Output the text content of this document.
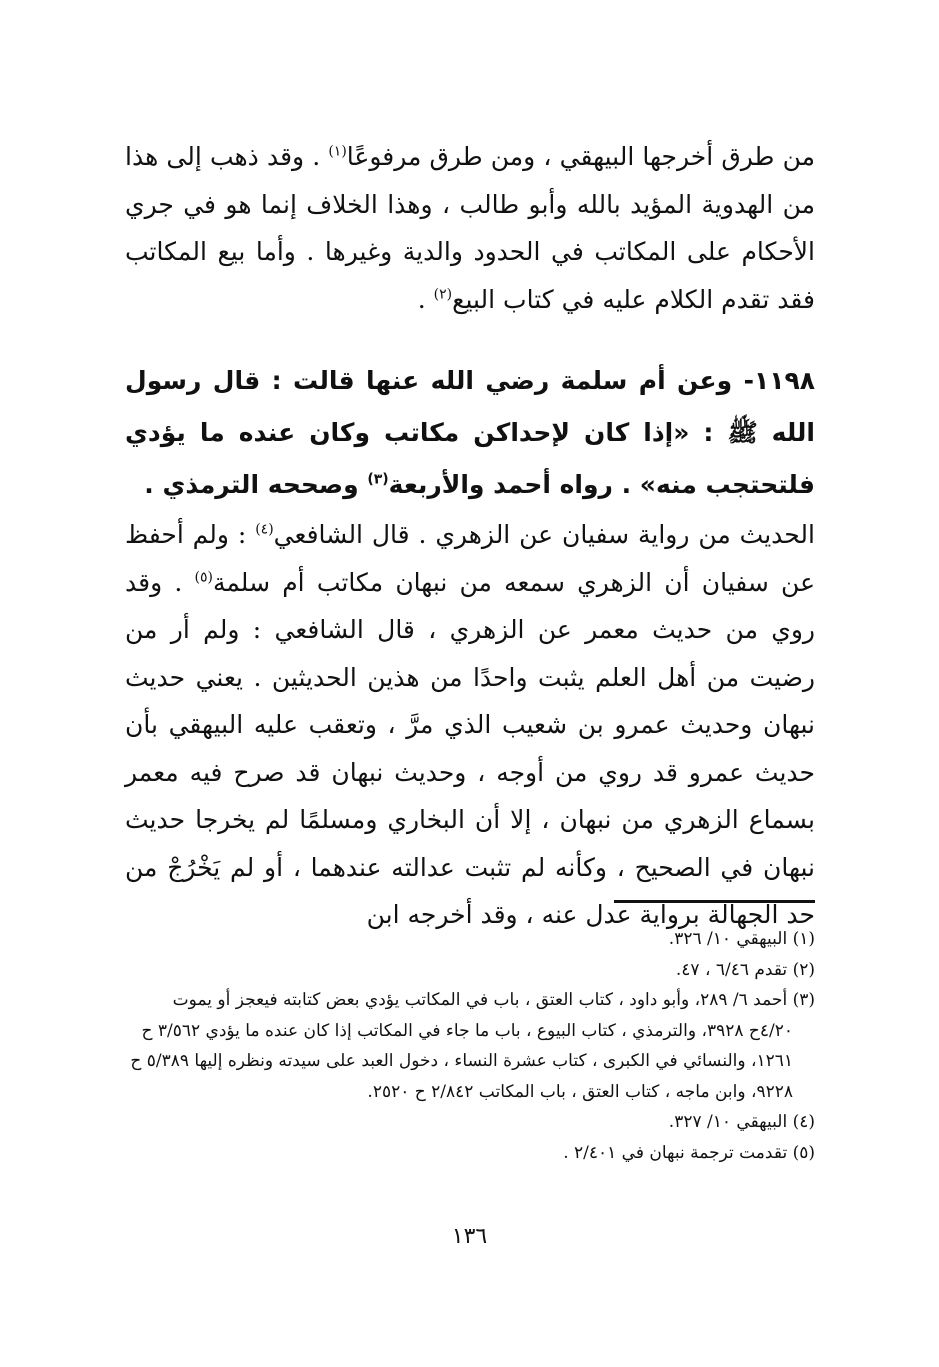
من طرق أخرجها البيهقي ، ومن طرق مرفوعًا$^{(١)}$ . وقد ذهب إلى هذا من الهدوية المؤيد بالله وأبو طالب ، وهذا الخلاف إنما هو في جري الأحكام على المكاتب في الحدود والدية وغيرها . وأما بيع المكاتب فقد تقدم الكلام عليه في كتاب البيع$^{(٢)}$ .

١١٩٨- وعن أم سلمة رضي الله عنها قالت : قال رسول الله ﷺ : «إذا كان لإحداكن مكاتب وكان عنده ما يؤدي فلتحتجب منه» . رواه أحمد والأربعة$^{(٣)}$ وصححه الترمذي .

الحديث من رواية سفيان عن الزهري . قال الشافعي$^{(٤)}$ : ولم أحفظ عن سفيان أن الزهري سمعه من نبهان مكاتب أم سلمة$^{(٥)}$ . وقد روي من حديث معمر عن الزهري ، قال الشافعي : ولم أر من رضيت من أهل العلم يثبت واحدًا من هذين الحديثين . يعني حديث نبهان وحديث عمرو بن شعيب الذي مرَّ ، وتعقب عليه البيهقي بأن حديث عمرو قد روي من أوجه ، وحديث نبهان قد صرح فيه معمر بسماع الزهري من نبهان ، إلا أن البخاري ومسلمًا لم يخرجا حديث نبهان في الصحيح ، وكأنه لم تثبت عدالته عندهما ، أو لم يَخْرُجْ من حد الجهالة برواية عدل عنه ، وقد أخرجه ابن

(١) البيهقي ١٠/ ٣٢٦.

(٢) تقدم ٦/٤٦ ، ٤٧.

(٣) أحمد ٦/ ٢٨٩، وأبو داود ، كتاب العتق ، باب في المكاتب يؤدي بعض كتابته فيعجز أو يموت
٤/٢٠ح ٣٩٢٨، والترمذي ، كتاب البيوع ، باب ما جاء في المكاتب إذا كان عنده ما يؤدي ٣/٥٦٢ ح ١٢٦١، والنسائي في الكبرى ، كتاب عشرة النساء ، دخول العبد على سيدته ونظره إليها ٥/٣٨٩ ح ٩٢٢٨، وابن ماجه ، كتاب العتق ، باب المكاتب ٢/٨٤٢ ح ٢٥٢٠.

(٤) البيهقي ١٠/ ٣٢٧.

(٥) تقدمت ترجمة نبهان في ٢/٤٠١ .

١٣٦
